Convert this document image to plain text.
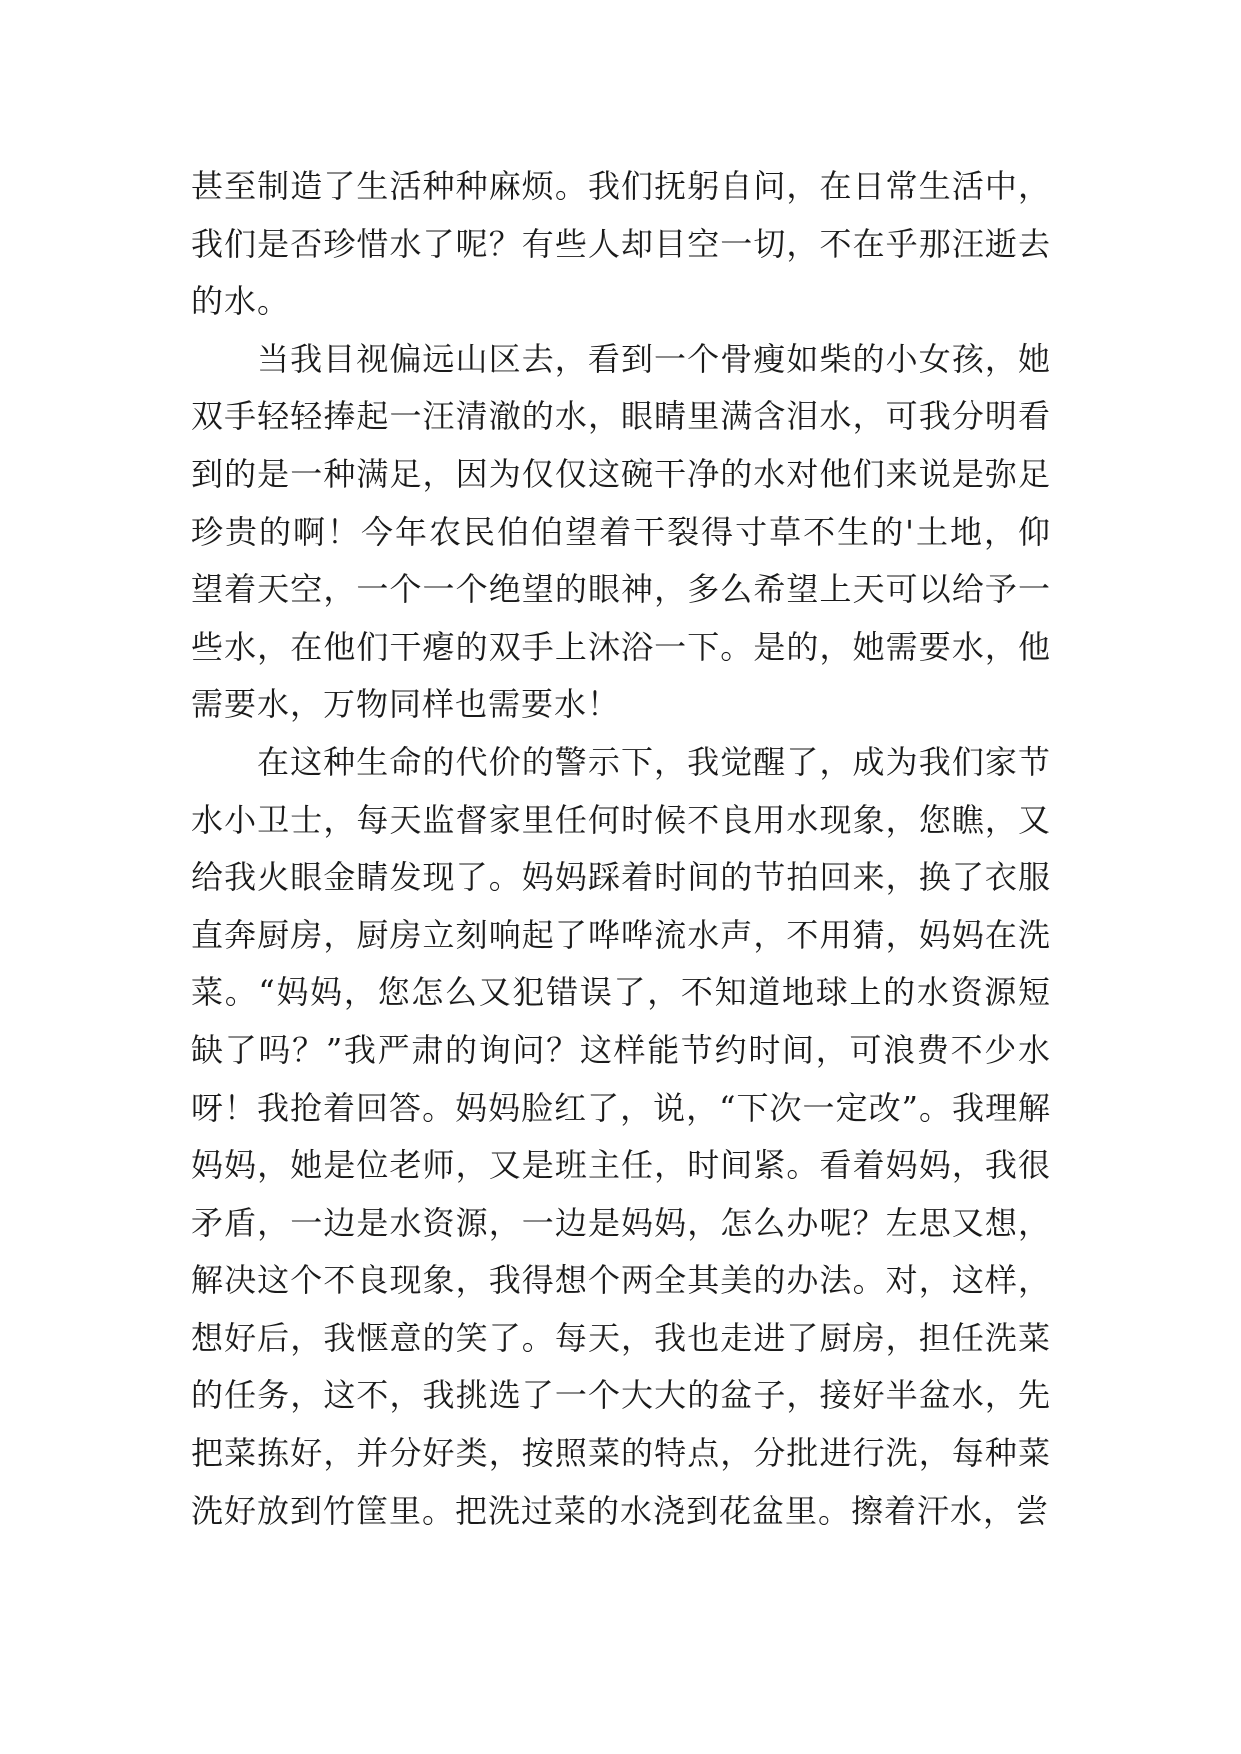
甚至制造了生活种种麻烦。我们抚躬自问，在日常生活中，
我们是否珍惜水了呢？有些人却目空一切，不在乎那汪逝去
的水。
当我目视偏远山区去，看到一个骨瘦如柴的小女孩，她
双手轻轻捧起一汪清澈的水，眼睛里满含泪水，可我分明看
到的是一种满足，因为仅仅这碗干净的水对他们来说是弥足
珍贵的啊！今年农民伯伯望着干裂得寸草不生的'土地，仰
望着天空，一个一个绝望的眼神，多么希望上天可以给予一
些水，在他们干瘪的双手上沐浴一下。是的，她需要水，他
需要水，万物同样也需要水！
在这种生命的代价的警示下，我觉醒了，成为我们家节
水小卫士，每天监督家里任何时候不良用水现象，您瞧，又
给我火眼金睛发现了。妈妈踩着时间的节拍回来，换了衣服
直奔厨房，厨房立刻响起了哗哗流水声，不用猜，妈妈在洗
菜。“妈妈，您怎么又犯错误了，不知道地球上的水资源短
缺了吗？”我严肃的询问？这样能节约时间，可浪费不少水
呀！我抢着回答。妈妈脸红了，说，“下次一定改”。我理解
妈妈，她是位老师，又是班主任，时间紧。看着妈妈，我很
矛盾，一边是水资源，一边是妈妈，怎么办呢？左思又想，
解决这个不良现象，我得想个两全其美的办法。对，这样，
想好后，我惬意的笑了。每天，我也走进了厨房，担任洗菜
的任务，这不，我挑选了一个大大的盆子，接好半盆水，先
把菜拣好，并分好类，按照菜的特点，分批进行洗，每种菜
洗好放到竹筐里。把洗过菜的水浇到花盆里。擦着汗水，尝
